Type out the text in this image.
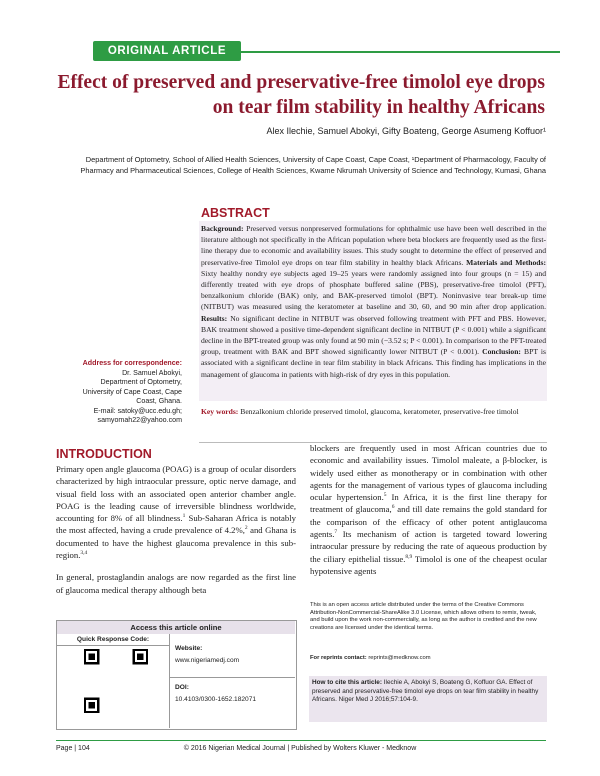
ORIGINAL ARTICLE
Effect of preserved and preservative-free timolol eye drops on tear film stability in healthy Africans
Alex Ilechie, Samuel Abokyi, Gifty Boateng, George Asumeng Koffuor¹
Department of Optometry, School of Allied Health Sciences, University of Cape Coast, Cape Coast, ¹Department of Pharmacology, Faculty of Pharmacy and Pharmaceutical Sciences, College of Health Sciences, Kwame Nkrumah University of Science and Technology, Kumasi, Ghana
ABSTRACT
Background: Preserved versus nonpreserved formulations for ophthalmic use have been well described in the literature although not specifically in the African population where beta blockers are frequently used as the first-line therapy due to economic and availability issues. This study sought to determine the effect of preserved and preservative-free Timolol eye drops on tear film stability in healthy black Africans. Materials and Methods: Sixty healthy nondry eye subjects aged 19–25 years were randomly assigned into four groups (n = 15) and differently treated with eye drops of phosphate buffered saline (PBS), preservative-free timolol (PFT), benzalkonium chloride (BAK) only, and BAK-preserved timolol (BPT). Noninvasive tear break-up time (NITBUT) was measured using the keratometer at baseline and 30, 60, and 90 min after drop application. Results: No significant decline in NITBUT was observed following treatment with PFT and PBS. However, BAK treatment showed a positive time-dependent significant decline in NITBUT (P < 0.001) while a significant decline in the BPT-treated group was only found at 90 min (−3.52 s; P < 0.001). In comparison to the PFT-treated group, treatment with BAK and BPT showed significantly lower NITBUT (P < 0.001). Conclusion: BPT is associated with a significant decline in tear film stability in black Africans. This finding has implications in the management of glaucoma in patients with high-risk of dry eyes in this population.
Key words: Benzalkonium chloride preserved timolol, glaucoma, keratometer, preservative-free timolol
Address for correspondence:
Dr. Samuel Abokyi,
Department of Optometry,
University of Cape Coast, Cape
Coast, Ghana.
E-mail: satoky@ucc.edu.gh;
samyomah22@yahoo.com
INTRODUCTION

Primary open angle glaucoma (POAG) is a group of ocular disorders characterized by high intraocular pressure, optic nerve damage, and visual field loss with an associated open anterior chamber angle. POAG is the leading cause of irreversible blindness worldwide, accounting for 8% of all blindness.$^1$ Sub-Saharan Africa is notably the most affected, having a crude prevalence of 4.2%,$^2$ and Ghana is documented to have the highest glaucoma prevalence in this sub-region.$^{3,4}$

In general, prostaglandin analogs are now regarded as the first line of glaucoma medical therapy although beta

blockers are frequently used in most African countries due to economic and availability issues. Timolol maleate, a β-blocker, is widely used either as monotherapy or in combination with other agents for the management of various types of glaucoma including ocular hypertension.$^5$ In Africa, it is the first line therapy for treatment of glaucoma,$^6$ and till date remains the gold standard for the comparison of the efficacy of other potent antiglaucoma agents.$^7$ Its mechanism of action is targeted toward lowering intraocular pressure by reducing the rate of aqueous production by the ciliary epithelial tissue.$^{8,9}$ Timolol is one of the cheapest ocular hypotensive agents

Access this article online
Quick Response Code:
Website:
www.nigeriamedj.com
DOI:
10.4103/0300-1652.182071
This is an open access article distributed under the terms of the Creative Commons Attribution-NonCommercial-ShareAlike 3.0 License, which allows others to remix, tweak, and build upon the work non-commercially, as long as the author is credited and the new creations are licensed under the identical terms.
For reprints contact: reprints@medknow.com
How to cite this article: Ilechie A, Abokyi S, Boateng G, Koffuor GA. Effect of preserved and preservative-free timolol eye drops on tear film stability in healthy Africans. Niger Med J 2016;57:104-9.
Page | 104	© 2016 Nigerian Medical Journal | Published by Wolters Kluwer - Medknow
